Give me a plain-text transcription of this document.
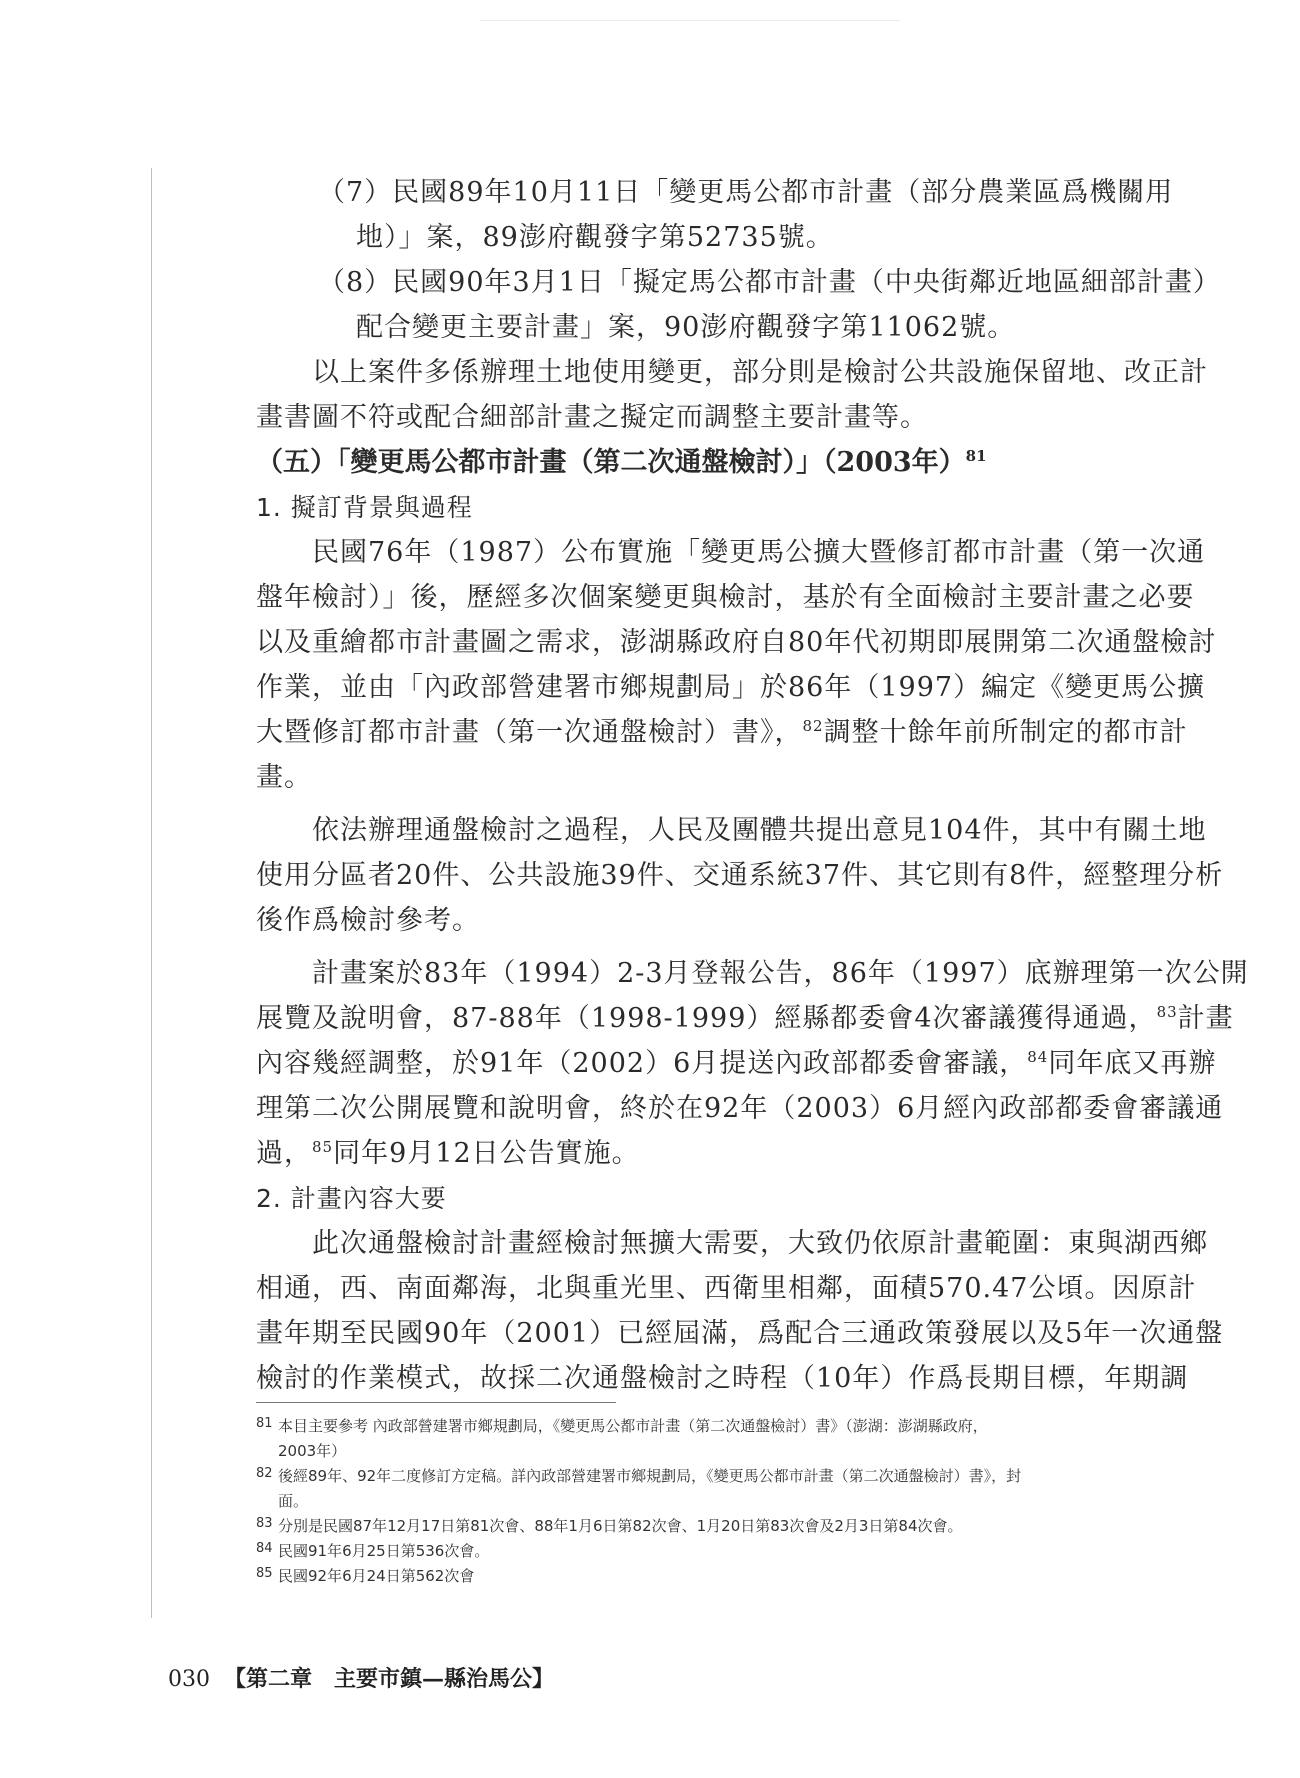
（7）民國89年10月11日「變更馬公都市計畫（部分農業區爲機關用
地）」案，89澎府觀發字第52735號。
（8）民國90年3月1日「擬定馬公都市計畫（中央街鄰近地區細部計畫）
配合變更主要計畫」案，90澎府觀發字第11062號。
以上案件多係辦理土地使用變更，部分則是檢討公共設施保留地、改正計
畫書圖不符或配合細部計畫之擬定而調整主要計畫等。
（五）「變更馬公都市計畫（第二次通盤檢討）」（2003年）$^{81}$
1. 擬訂背景與過程
民國76年（1987）公布實施「變更馬公擴大暨修訂都市計畫（第一次通
盤年檢討）」後，歷經多次個案變更與檢討，基於有全面檢討主要計畫之必要
以及重繪都市計畫圖之需求，澎湖縣政府自80年代初期即展開第二次通盤檢討
作業，並由「內政部營建署市鄉規劃局」於86年（1997）編定《變更馬公擴
大暨修訂都市計畫（第一次通盤檢討）書》，$^{82}$調整十餘年前所制定的都市計
畫。
依法辦理通盤檢討之過程，人民及團體共提出意見104件，其中有關土地
使用分區者20件、公共設施39件、交通系統37件、其它則有8件，經整理分析
後作爲檢討參考。
計畫案於83年（1994）2-3月登報公告，86年（1997）底辦理第一次公開
展覽及說明會，87-88年（1998-1999）經縣都委會4次審議獲得通過，$^{83}$計畫
內容幾經調整，於91年（2002）6月提送內政部都委會審議，$^{84}$同年底又再辦
理第二次公開展覽和說明會，終於在92年（2003）6月經內政部都委會審議通
過，$^{85}$同年9月12日公告實施。
2. 計畫內容大要
此次通盤檢討計畫經檢討無擴大需要，大致仍依原計畫範圍：東與湖西鄉
相通，西、南面鄰海，北與重光里、西衛里相鄰，面積570.47公頃。因原計
畫年期至民國90年（2001）已經屆滿，爲配合三通政策發展以及5年一次通盤
檢討的作業模式，故採二次通盤檢討之時程（10年）作爲長期目標，年期調
81 本目主要參考 內政部營建署市鄉規劃局，《變更馬公都市計畫（第二次通盤檢討）書》（澎湖：澎湖縣政府，
2003年）
82 後經89年、92年二度修訂方定稿。詳內政部營建署市鄉規劃局，《變更馬公都市計畫（第二次通盤檢討）書》，封
面。
83 分別是民國87年12月17日第81次會、88年1月6日第82次會、1月20日第83次會及2月3日第84次會。
84 民國91年6月25日第536次會。
85 民國92年6月24日第562次會
030 【第二章　主要市鎮—縣治馬公】
